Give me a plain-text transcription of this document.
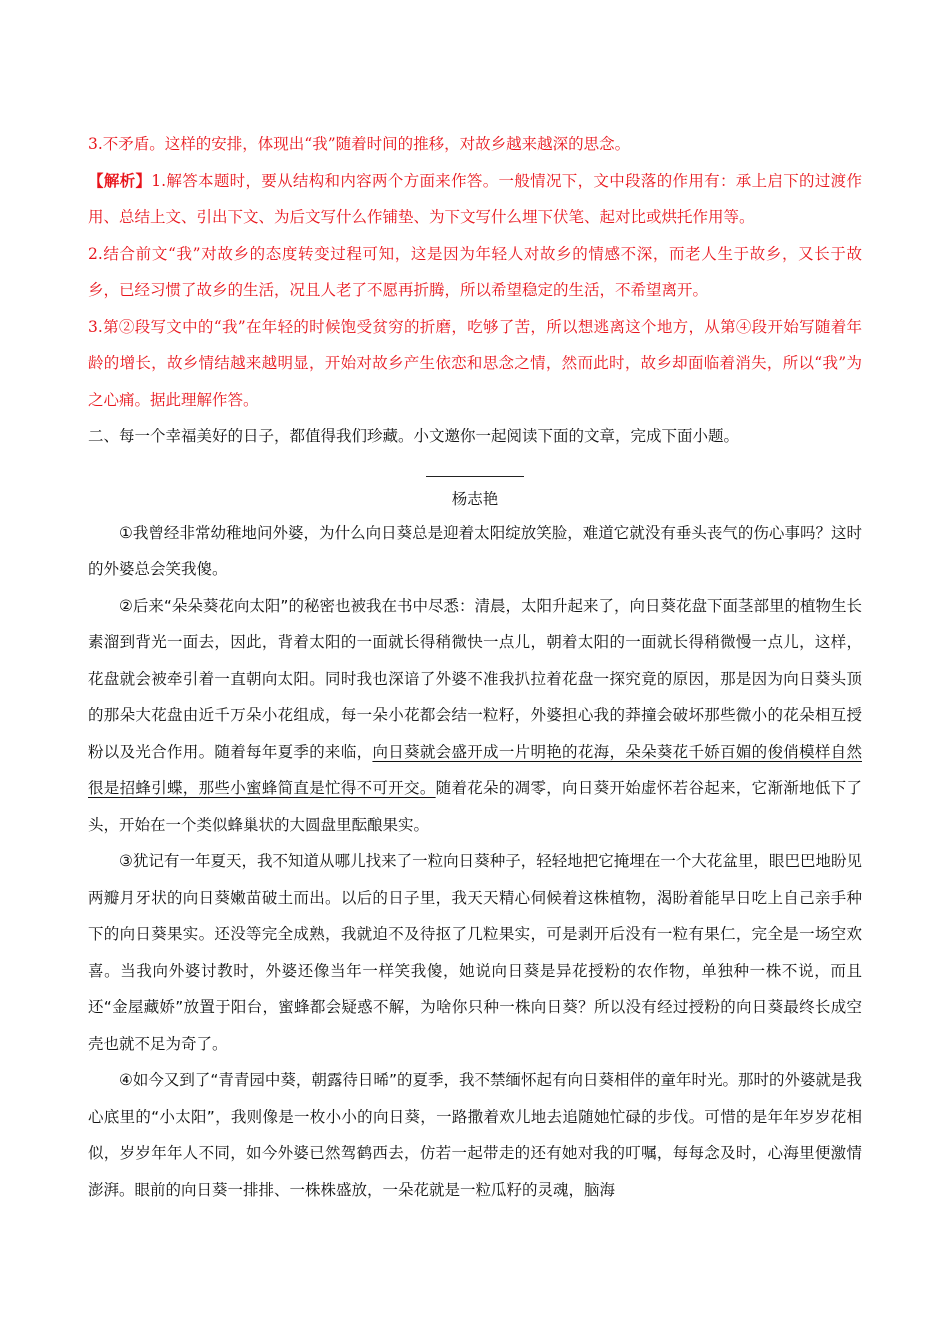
3.不矛盾。这样的安排，体现出“我”随着时间的推移，对故乡越来越深的思念。

【解析】1.解答本题时，要从结构和内容两个方面来作答。一般情况下，文中段落的作用有：承上启下的过渡作用、总结上文、引出下文、为后文写什么作铺垫、为下文写什么埋下伏笔、起对比或烘托作用等。

2.结合前文“我”对故乡的态度转变过程可知，这是因为年轻人对故乡的情感不深，而老人生于故乡，又长于故乡，已经习惯了故乡的生活，况且人老了不愿再折腾，所以希望稳定的生活，不希望离开。

3.第②段写文中的“我”在年轻的时候饱受贫穷的折磨，吃够了苦，所以想逃离这个地方，从第④段开始写随着年龄的增长，故乡情结越来越明显，开始对故乡产生依恋和思念之情，然而此时，故乡却面临着消失，所以“我”为之心痛。据此理解作答。

二、每一个幸福美好的日子，都值得我们珍藏。小文邀你一起阅读下面的文章，完成下面小题。

杨志艳

①我曾经非常幼稚地问外婆，为什么向日葵总是迎着太阳绽放笑脸，难道它就没有垂头丧气的伤心事吗？这时的外婆总会笑我傻。

②后来“朵朵葵花向太阳”的秘密也被我在书中尽悉：清晨，太阳升起来了，向日葵花盘下面茎部里的植物生长素溜到背光一面去，因此，背着太阳的一面就长得稍微快一点儿，朝着太阳的一面就长得稍微慢一点儿，这样，花盘就会被牵引着一直朝向太阳。同时我也深谙了外婆不准我扒拉着花盘一探究竟的原因，那是因为向日葵头顶的那朵大花盘由近千万朵小花组成，每一朵小花都会结一粒籽，外婆担心我的莽撞会破坏那些微小的花朵相互授粉以及光合作用。随着每年夏季的来临，向日葵就会盛开成一片明艳的花海，朵朵葵花千娇百媚的俊俏模样自然很是招蜂引蝶，那些小蜜蜂简直是忙得不可开交。随着花朵的凋零，向日葵开始虚怀若谷起来，它渐渐地低下了头，开始在一个类似蜂巢状的大圆盘里酝酿果实。

③犹记有一年夏天，我不知道从哪儿找来了一粒向日葵种子，轻轻地把它掩埋在一个大花盆里，眼巴巴地盼见两瓣月牙状的向日葵嫩苗破土而出。以后的日子里，我天天精心伺候着这株植物，渴盼着能早日吃上自己亲手种下的向日葵果实。还没等完全成熟，我就迫不及待抠了几粒果实，可是剥开后没有一粒有果仁，完全是一场空欢喜。当我向外婆讨教时，外婆还像当年一样笑我傻，她说向日葵是异花授粉的农作物，单独种一株不说，而且还“金屋藏娇”放置于阳台，蜜蜂都会疑惑不解，为啥你只种一株向日葵？所以没有经过授粉的向日葵最终长成空壳也就不足为奇了。

④如今又到了“青青园中葵，朝露待日晞”的夏季，我不禁缅怀起有向日葵相伴的童年时光。那时的外婆就是我心底里的“小太阳”，我则像是一枚小小的向日葵，一路撒着欢儿地去追随她忙碌的步伐。可惜的是年年岁岁花相似，岁岁年年人不同，如今外婆已然驾鹤西去，仿若一起带走的还有她对我的叮嘱，每每念及时，心海里便激情澎湃。眼前的向日葵一排排、一株株盛放，一朵花就是一粒瓜籽的灵魂，脑海
